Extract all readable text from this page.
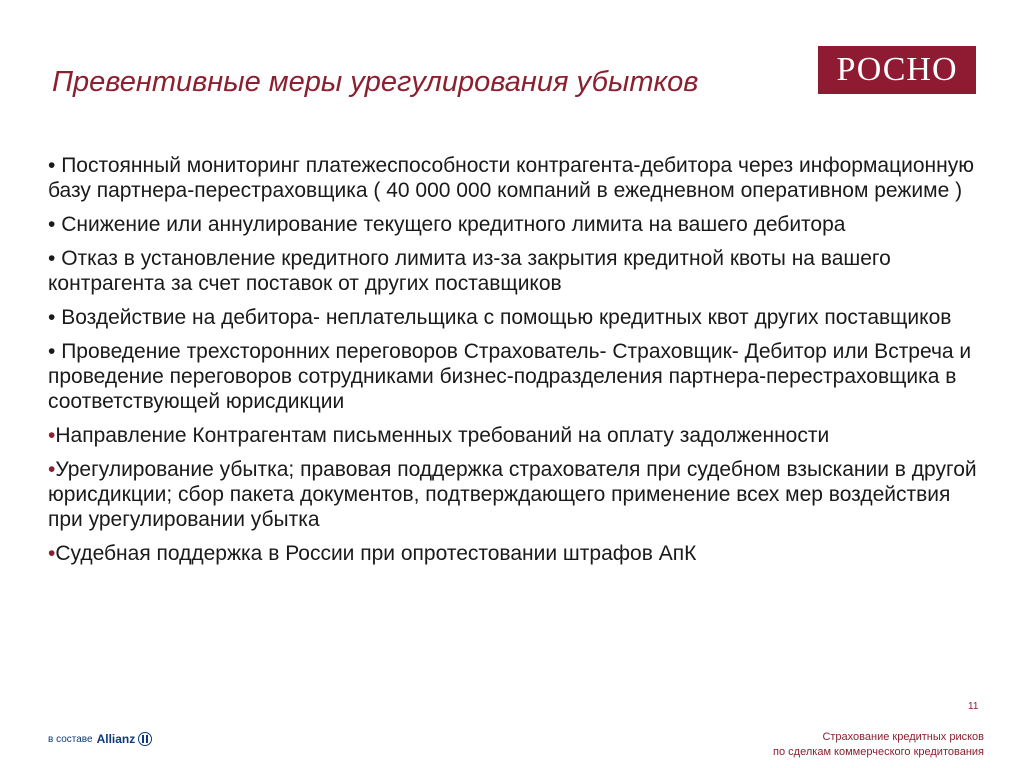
Превентивные меры урегулирования убытков	РОСНО
• Постоянный мониторинг платежеспособности контрагента-дебитора через информационную базу партнера-перестраховщика ( 40 000 000 компаний в ежедневном оперативном режиме )
• Снижение или аннулирование текущего кредитного лимита на вашего дебитора
• Отказ в установление кредитного лимита из-за закрытия кредитной квоты на вашего контрагента за счет поставок от других поставщиков
• Воздействие на дебитора- неплательщика с помощью кредитных квот других поставщиков
• Проведение трехсторонних переговоров Страхователь- Страховщик- Дебитор или Встреча и проведение переговоров сотрудниками бизнес-подразделения партнера-перестраховщика в соответствующей юрисдикции
•Направление Контрагентам письменных требований на оплату задолженности
•Урегулирование убытка; правовая поддержка страхователя при судебном взыскании в другой юрисдикции; сбор пакета документов, подтверждающего применение всех мер воздействия при урегулировании убытка
•Судебная поддержка в России при опротестовании штрафов АпК
11
в составе Allianz	Страхование кредитных рисков
по сделкам коммерческого кредитования
